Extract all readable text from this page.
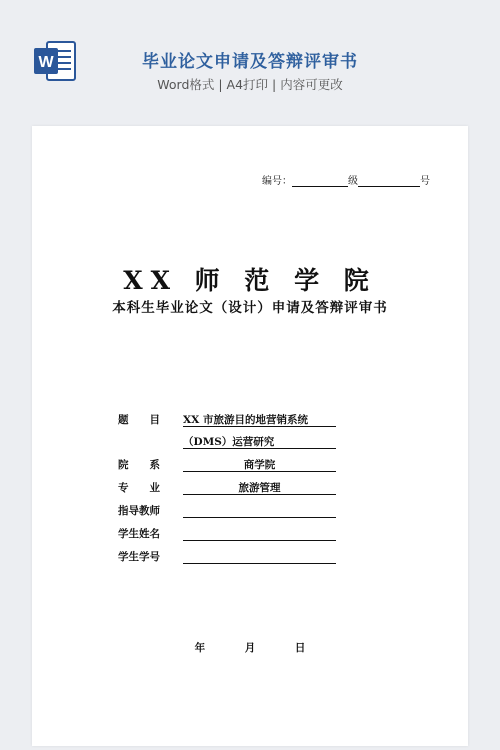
W	毕业论文申请及答辩评审书
Word格式 | A4打印 | 内容可更改
编号：	级	号
XX 师 范 学 院
本科生毕业论文（设计）申请及答辩评审书
题　　目	XX 市旅游目的地营销系统
（DMS）运营研究
院　　系	商学院
专　　业	旅游管理
指导教师
学生姓名
学生学号
年	月	日
